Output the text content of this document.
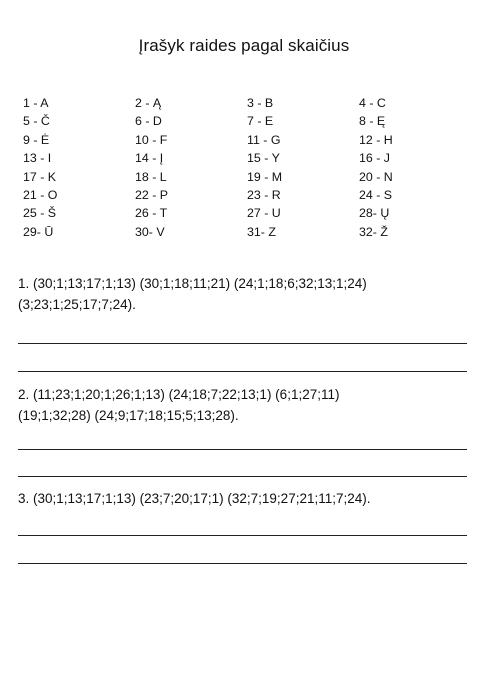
Įrašyk raides pagal skaičius
1 - A	2 - Ą	3 - B	4 - C
5 - Č	6 - D	7 - E	8 - Ę
9 - Ė	10 - F	11 - G	12 - H
13 - I	14 - Į	15 - Y	16 - J
17 - K	18 - L	19 - M	20 - N
21 - O	22 - P	23 - R	24 - S
25 - Š	26 - T	27 - U	28- Ų
29- Ū	30- V	31- Z	32- Ž
1. (30;1;13;17;1;13) (30;1;18;11;21) (24;1;18;6;32;13;1;24)
(3;23;1;25;17;7;24).
2. (11;23;1;20;1;26;1;13) (24;18;7;22;13;1) (6;1;27;11)
(19;1;32;28) (24;9;17;18;15;5;13;28).
3. (30;1;13;17;1;13) (23;7;20;17;1) (32;7;19;27;21;11;7;24).
